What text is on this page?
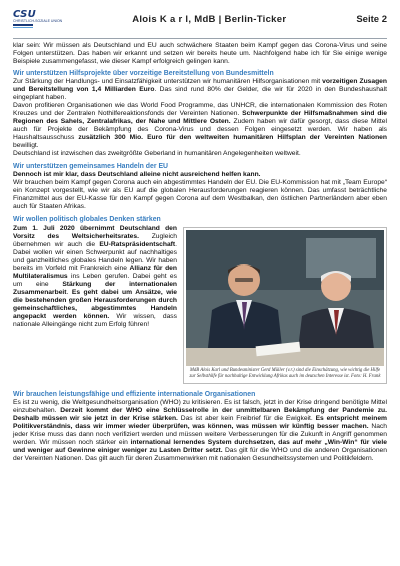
CSU
CHRISTLICH-SOZIALE UNION	Alois K a r l, MdB | Berlin-Ticker	Seite 2

klar sein: Wir müssen als Deutschland und EU auch schwächere Staaten beim Kampf gegen das Corona-Virus und seine Folgen unterstützen. Das haben wir erkannt und setzen wir bereits heute um. Nachfolgend habe ich für Sie einige wenige Beispiele zusammengefasst, wie dieser Kampf erfolgreich gelingen kann.

Wir unterstützen Hilfsprojekte über vorzeitige Bereitstellung von Bundesmitteln

Zur Stärkung der Handlungs- und Einsatzfähigkeit unterstützen wir humanitären Hilfsorganisationen mit vorzeitigen Zusagen und Bereitstellung von 1,4 Milliarden Euro. Das sind rund 80% der Gelder, die wir für 2020 in den Bundeshaushalt eingeplant haben.

Davon profitieren Organisationen wie das World Food Programme, das UNHCR, die internationalen Kommission des Roten Kreuzes und der Zentralen Nothilfereaktionsfonds der Vereinten Nationen. Schwerpunkte der Hilfsmaßnahmen sind die Regionen des Sahels, Zentralafrikas, der Nahe und Mittlere Osten. Zudem haben wir dafür gesorgt, dass diese Mittel auch für Projekte der Bekämpfung des Corona-Virus und dessen Folgen eingesetzt werden. Wir haben als Haushaltsausschuss zusätzlich 300 Mio. Euro für den weltweiten humanitären Hilfsplan der Vereinten Nationen bewilligt.

Deutschland ist inzwischen das zweitgrößte Geberland in humanitären Angelegenheiten weltweit.

Wir unterstützen gemeinsames Handeln der EU

Dennoch ist mir klar, dass Deutschland alleine nicht ausreichend helfen kann.

Wir brauchen beim Kampf gegen Corona auch ein abgestimmtes Handeln der EU. Die EU-Kommission hat mit „Team Europe“ ein Konzept vorgestellt, wie wir als EU auf die globalen Herausforderungen reagieren können. Das umfasst beträchtliche Finanzmittel aus der EU-Kasse für den Kampf gegen Corona auf dem Westbalkan, den östlichen Partnerländern aber eben auch für Staaten Afrikas.

Wir wollen politisch globales Denken stärken

MdB Alois Karl und Bundesminister Gerd Müller (v.r.) sind die Einschätzung, wie wichtig die Hilfe zur Selbsthilfe für nachhaltige Entwicklung Afrikas auch im deutschen Interesse ist. Foto: H. Frank

Zum 1. Juli 2020 übernimmt Deutschland den Vorsitz des Weltsicherheitsrates. Zugleich übernehmen wir auch die EU-Ratspräsidentschaft. Dabei wollen wir einen Schwerpunkt auf nachhaltiges und ganzheitliches globales Handeln legen. Wir haben bereits im Vorfeld mit Frankreich eine Allianz für den Multilateralismus ins Leben gerufen. Dabei geht es um eine Stärkung der internationalen Zusammenarbeit. Es geht dabei um Ansätze, wie die bestehenden großen Herausforderungen durch gemeinschaftliches, abgestimmtes Handeln angepackt werden können. Wir wissen, dass nationale Alleingänge nicht zum Erfolg führen!

Wir brauchen leistungsfähige und effiziente internationale Organisationen

Es ist zu wenig, die Weltgesundheitsorganisation (WHO) zu kritisieren. Es ist falsch, jetzt in der Krise dringend benötigte Mittel einzubehalten. Derzeit kommt der WHO eine Schlüsselrolle in der unmittelbaren Bekämpfung der Pandemie zu. Deshalb müssen wir sie jetzt in der Krise stärken. Das ist aber kein Freibrief für die Ewigkeit. Es entspricht meinem Politikverständnis, dass wir immer wieder überprüfen, was können, was müssen wir künftig besser machen. Nach jeder Krise muss das dann noch verifiziert werden und müssen weitere Verbesserungen für die Zukunft in Angriff genommen werden. Wir müssen noch stärker ein international lernendes System durchsetzen, das auf mehr „Win-Win“ für viele und weniger auf Gewinne einiger weniger zu Lasten Dritter setzt. Das gilt für die WHO und die anderen Organisationen der Vereinten Nationen. Das gilt auch für deren Zusammenwirken mit nationalen Gesundheitssystemen und Politikfeldern.
